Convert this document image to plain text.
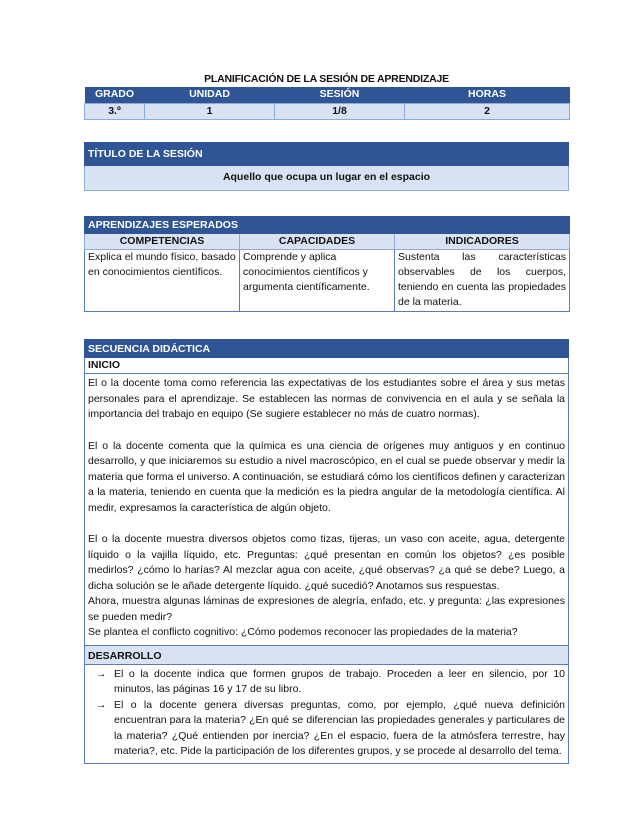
PLANIFICACIÓN DE LA SESIÓN DE APRENDIZAJE
GRADO	UNIDAD	SESIÓN	HORAS
3.º	1	1/8	2
TÍTULO DE LA SESIÓN
Aquello que ocupa un lugar en el espacio
APRENDIZAJES ESPERADOS		
COMPETENCIAS	CAPACIDADES	INDICADORES
Explica el mundo físico, basado en conocimientos científicos.	Comprende y aplica conocimientos científicos y argumenta científicamente.	Sustenta las características observables de los cuerpos, teniendo en cuenta las propiedades de la materia.
SECUENCIA DIDÁCTICA
INICIO

El o la docente toma como referencia las expectativas de los estudiantes sobre el área y sus metas personales para el aprendizaje. Se establecen las normas de convivencia en el aula y se señala la importancia del trabajo en equipo (Se sugiere establecer no más de cuatro normas).

El o la docente comenta que la química es una ciencia de orígenes muy antiguos y en continuo desarrollo, y que iniciaremos su estudio a nivel macroscópico, en el cual se puede observar y medir la materia que forma el universo. A continuación, se estudiará cómo los científicos definen y caracterizan a la materia, teniendo en cuenta que la medición es la piedra angular de la metodología científica. Al medir, expresamos la característica de algún objeto.

El o la docente muestra diversos objetos como tizas, tijeras, un vaso con aceite, agua, detergente líquido o la vajilla líquido, etc. Preguntas: ¿qué presentan en común los objetos? ¿es posible medirlos? ¿cómo lo harías? Al mezclar agua con aceite, ¿qué observas? ¿a qué se debe? Luego, a dicha solución se le añade detergente líquido. ¿qué sucedió? Anotamos sus respuestas.
Ahora, muestra algunas láminas de expresiones de alegría, enfado, etc. y pregunta: ¿las expresiones se pueden medir?
Se plantea el conflicto cognitivo: ¿Cómo podemos reconocer las propiedades de la materia?

DESARROLLO

→ El o la docente indica que formen grupos de trabajo. Proceden a leer en silencio, por 10 minutos, las páginas 16 y 17 de su libro.
→ El o la docente genera diversas preguntas, como, por ejemplo, ¿qué nueva definición encuentran para la materia? ¿En qué se diferencian las propiedades generales y particulares de la materia? ¿Qué entienden por inercia? ¿En el espacio, fuera de la atmósfera terrestre, hay materia?, etc. Pide la participación de los diferentes grupos, y se procede al desarrollo del tema.
